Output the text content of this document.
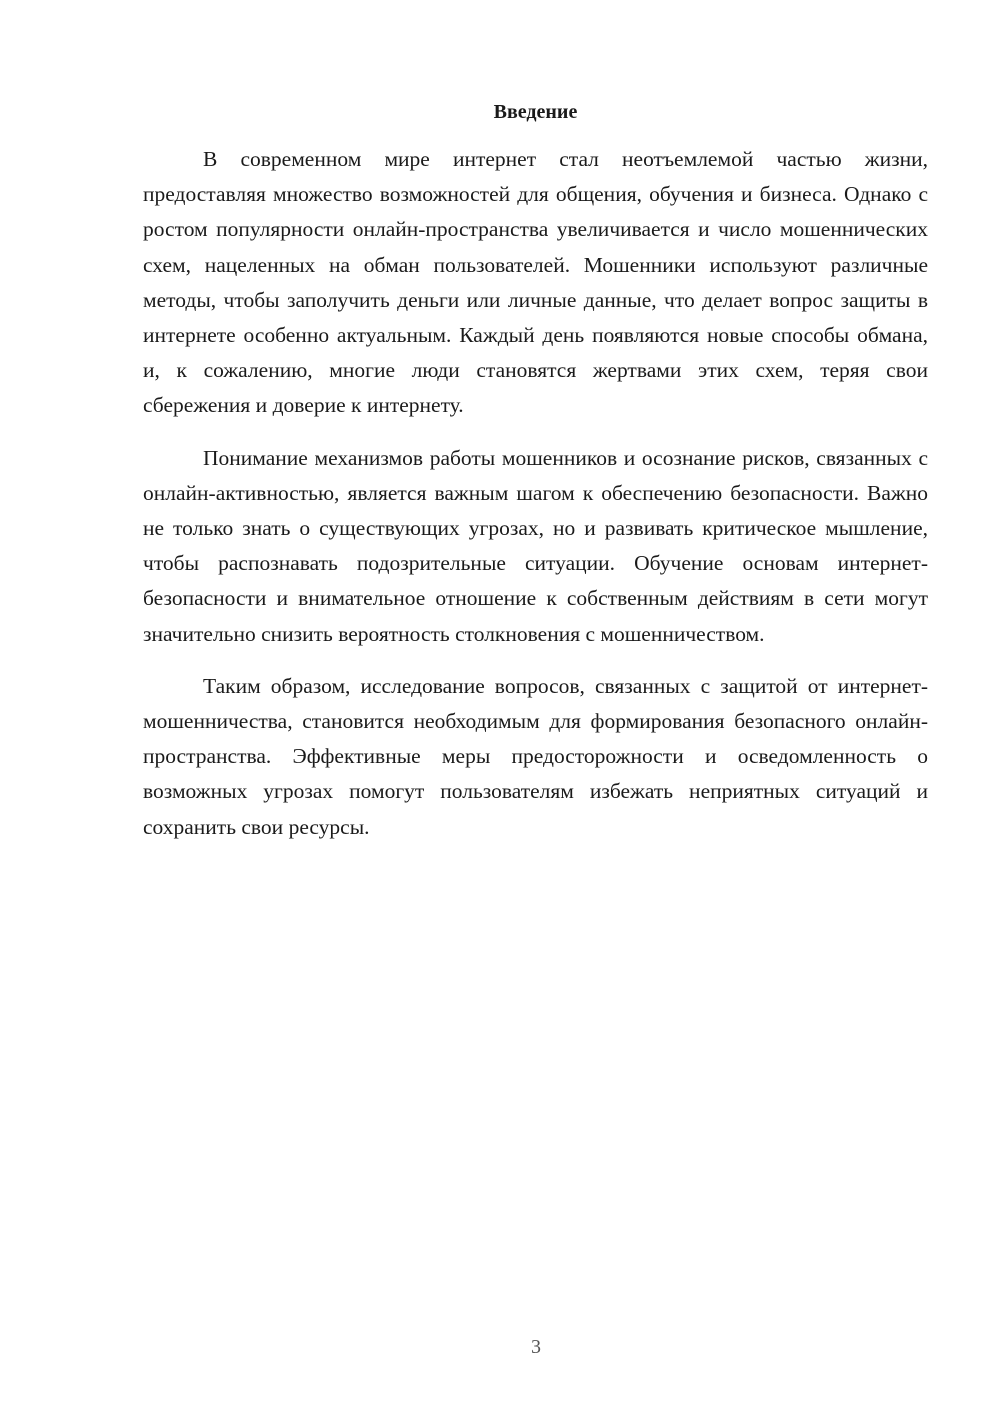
Введение

В современном мире интернет стал неотъемлемой частью жизни, предоставляя множество возможностей для общения, обучения и бизнеса. Однако с ростом популярности онлайн-пространства увеличивается и число мошеннических схем, нацеленных на обман пользователей. Мошенники используют различные методы, чтобы заполучить деньги или личные данные, что делает вопрос защиты в интернете особенно актуальным. Каждый день появляются новые способы обмана, и, к сожалению, многие люди становятся жертвами этих схем, теряя свои сбережения и доверие к интернету.

Понимание механизмов работы мошенников и осознание рисков, связанных с онлайн-активностью, является важным шагом к обеспечению безопасности. Важно не только знать о существующих угрозах, но и развивать критическое мышление, чтобы распознавать подозрительные ситуации. Обучение основам интернет-безопасности и внимательное отношение к собственным действиям в сети могут значительно снизить вероятность столкновения с мошенничеством.

Таким образом, исследование вопросов, связанных с защитой от интернет-мошенничества, становится необходимым для формирования безопасного онлайн-пространства. Эффективные меры предосторожности и осведомленность о возможных угрозах помогут пользователям избежать неприятных ситуаций и сохранить свои ресурсы.

3
